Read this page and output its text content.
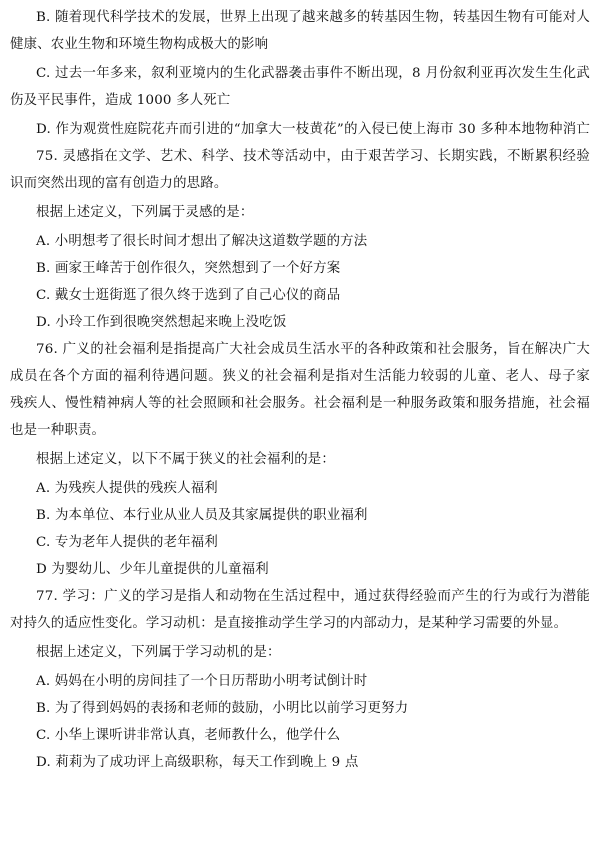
B. 随着现代科学技术的发展，世界上出现了越来越多的转基因生物，转基因生物有可能对人
健康、农业生物和环境生物构成极大的影响
C. 过去一年多来，叙利亚境内的生化武器袭击事件不断出现，8 月份叙利亚再次发生生化武
伤及平民事件，造成 1000 多人死亡
D. 作为观赏性庭院花卉而引进的“加拿大一枝黄花”的入侵已使上海市 30 多种本地物种消亡
75. 灵感指在文学、艺术、科学、技术等活动中，由于艰苦学习、长期实践，不断累积经验
识而突然出现的富有创造力的思路。
根据上述定义，下列属于灵感的是：
A. 小明想考了很长时间才想出了解决这道数学题的方法
B. 画家王峰苦于创作很久，突然想到了一个好方案
C. 戴女士逛街逛了很久终于选到了自己心仪的商品
D. 小玲工作到很晚突然想起来晚上没吃饭
76. 广义的社会福利是指提高广大社会成员生活水平的各种政策和社会服务，旨在解决广大
成员在各个方面的福利待遇问题。狭义的社会福利是指对生活能力较弱的儿童、老人、母子家
残疾人、慢性精神病人等的社会照顾和社会服务。社会福利是一种服务政策和服务措施，社会福
也是一种职责。
根据上述定义，以下不属于狭义的社会福利的是：
A. 为残疾人提供的残疾人福利
B. 为本单位、本行业从业人员及其家属提供的职业福利
C. 专为老年人提供的老年福利
D 为婴幼儿、少年儿童提供的儿童福利
77. 学习：广义的学习是指人和动物在生活过程中，通过获得经验而产生的行为或行为潜能
对持久的适应性变化。学习动机：是直接推动学生学习的内部动力，是某种学习需要的外显。
根据上述定义，下列属于学习动机的是：
A. 妈妈在小明的房间挂了一个日历帮助小明考试倒计时
B. 为了得到妈妈的表扬和老师的鼓励，小明比以前学习更努力
C. 小华上课听讲非常认真，老师教什么，他学什么
D. 莉莉为了成功评上高级职称，每天工作到晚上 9 点
